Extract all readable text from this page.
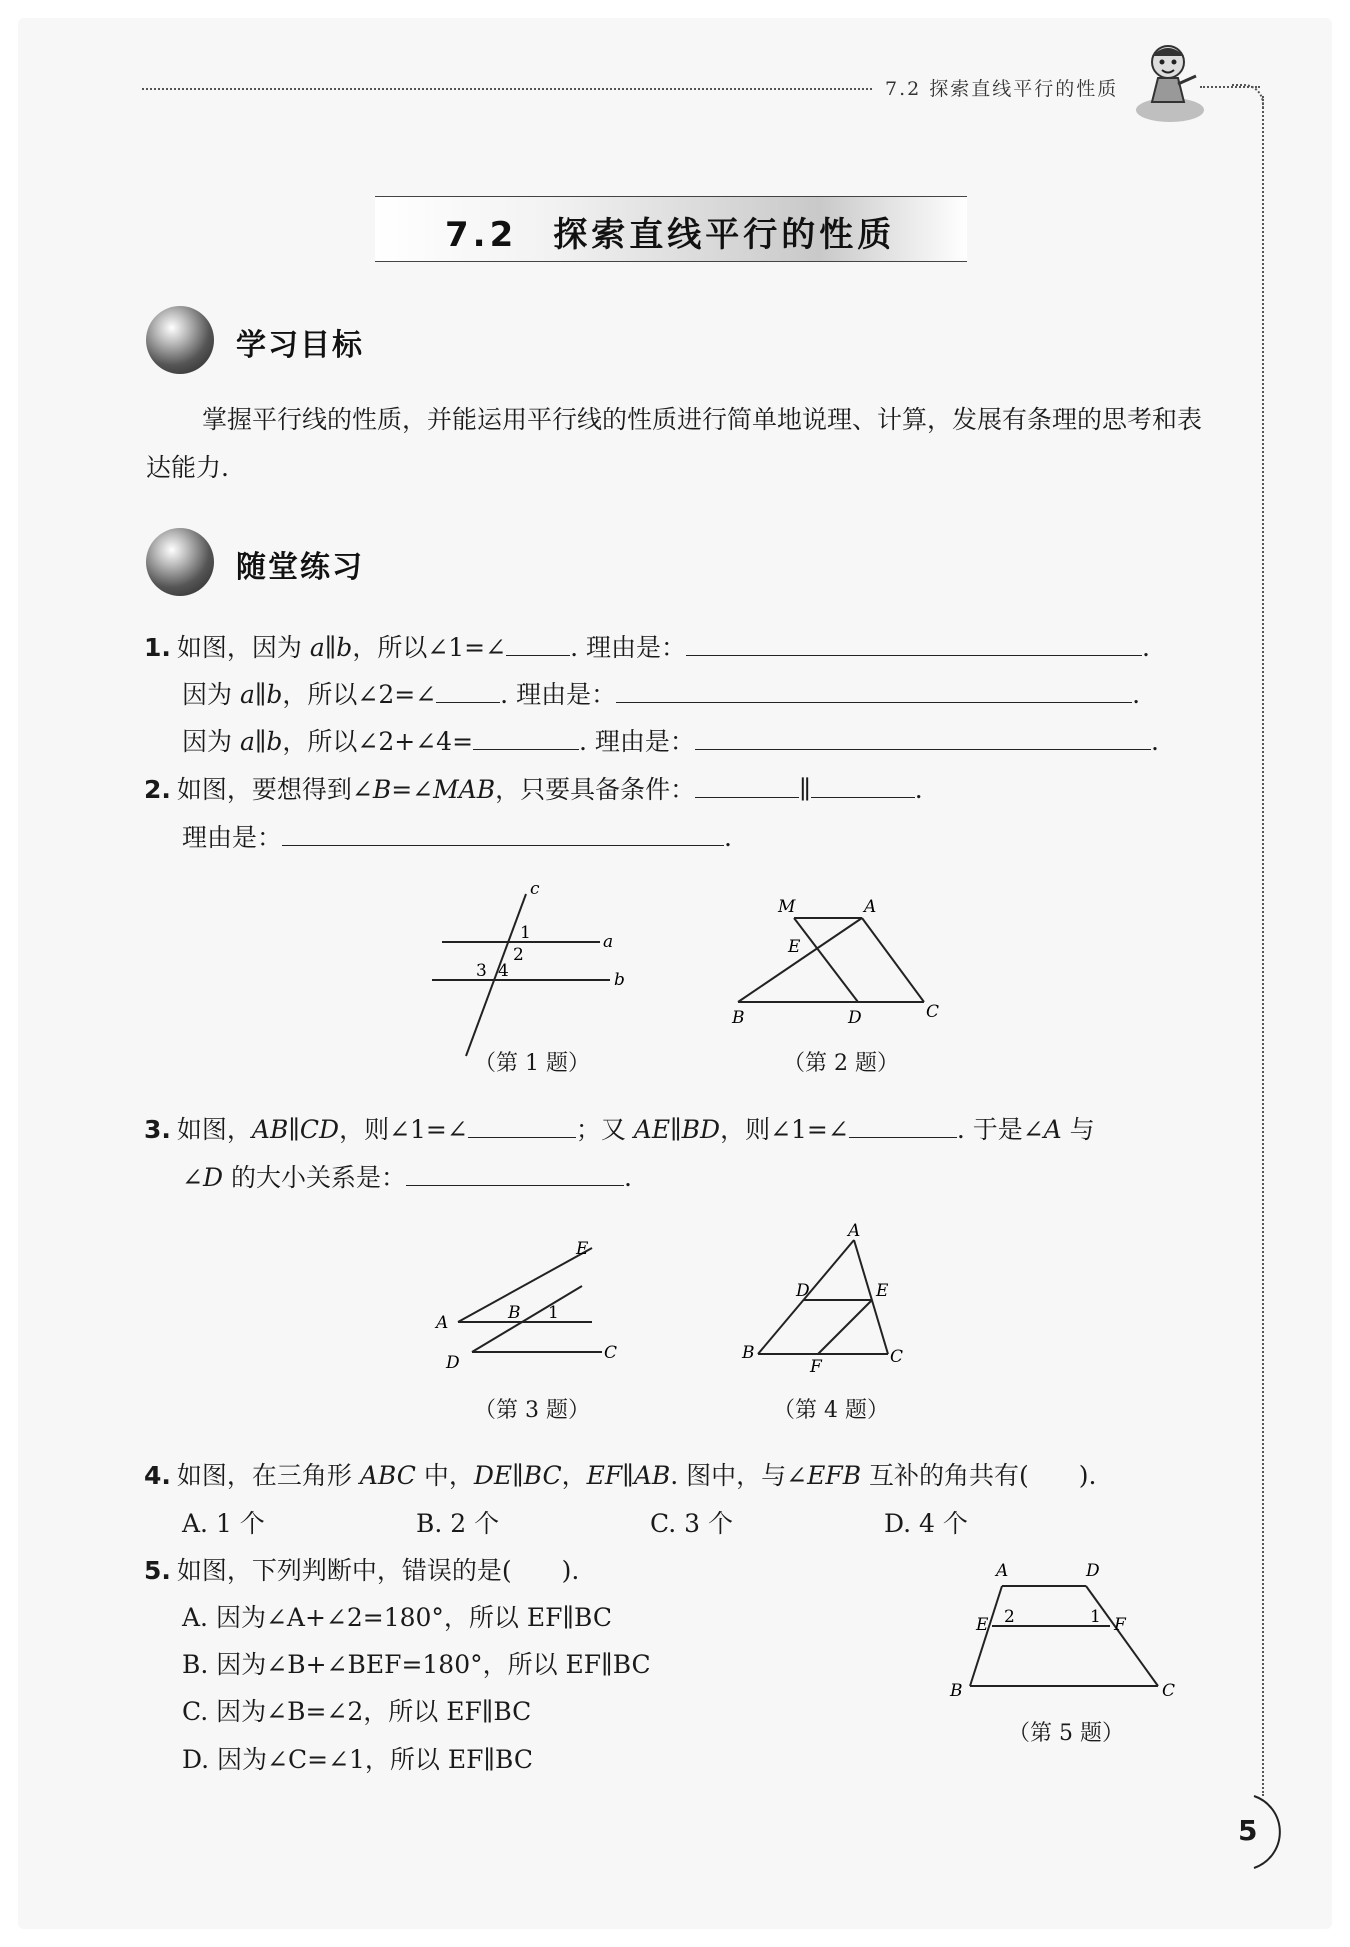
7.2 探索直线平行的性质
7.2 探索直线平行的性质
学习目标
掌握平行线的性质，并能运用平行线的性质进行简单地说理、计算，发展有条理的思考和表达能力.
随堂练习
1. 如图，因为 a∥b，所以∠1=∠	. 理由是：	.
因为 a∥b，所以∠2=∠	. 理由是：	.
因为 a∥b，所以∠2+∠4=	. 理由是：	.
2. 如图，要想得到∠B=∠MAB，只要具备条件：	∥	.
理由是：	.
c
1	a
2
3 4	b
（第 1 题）
M	A
E
B	D	C
（第 2 题）
3. 如图，AB∥CD，则∠1=∠	；又 AE∥BD，则∠1=∠	. 于是∠A 与
∠D 的大小关系是：	.
E
A	B 1
D	C
（第 3 题）
A
D	E
B
F	C
（第 4 题）
4. 如图，在三角形 ABC 中，DE∥BC，EF∥AB. 图中，与∠EFB 互补的角共有(　　).
A. 1 个	B. 2 个	C. 3 个	D. 4 个
5. 如图，下列判断中，错误的是(　　).
A. 因为∠A+∠2=180°，所以 EF∥BC
B. 因为∠B+∠BEF=180°，所以 EF∥BC
C. 因为∠B=∠2，所以 EF∥BC
D. 因为∠C=∠1，所以 EF∥BC
A	D
E 2	1 F
B	C
（第 5 题）
5
